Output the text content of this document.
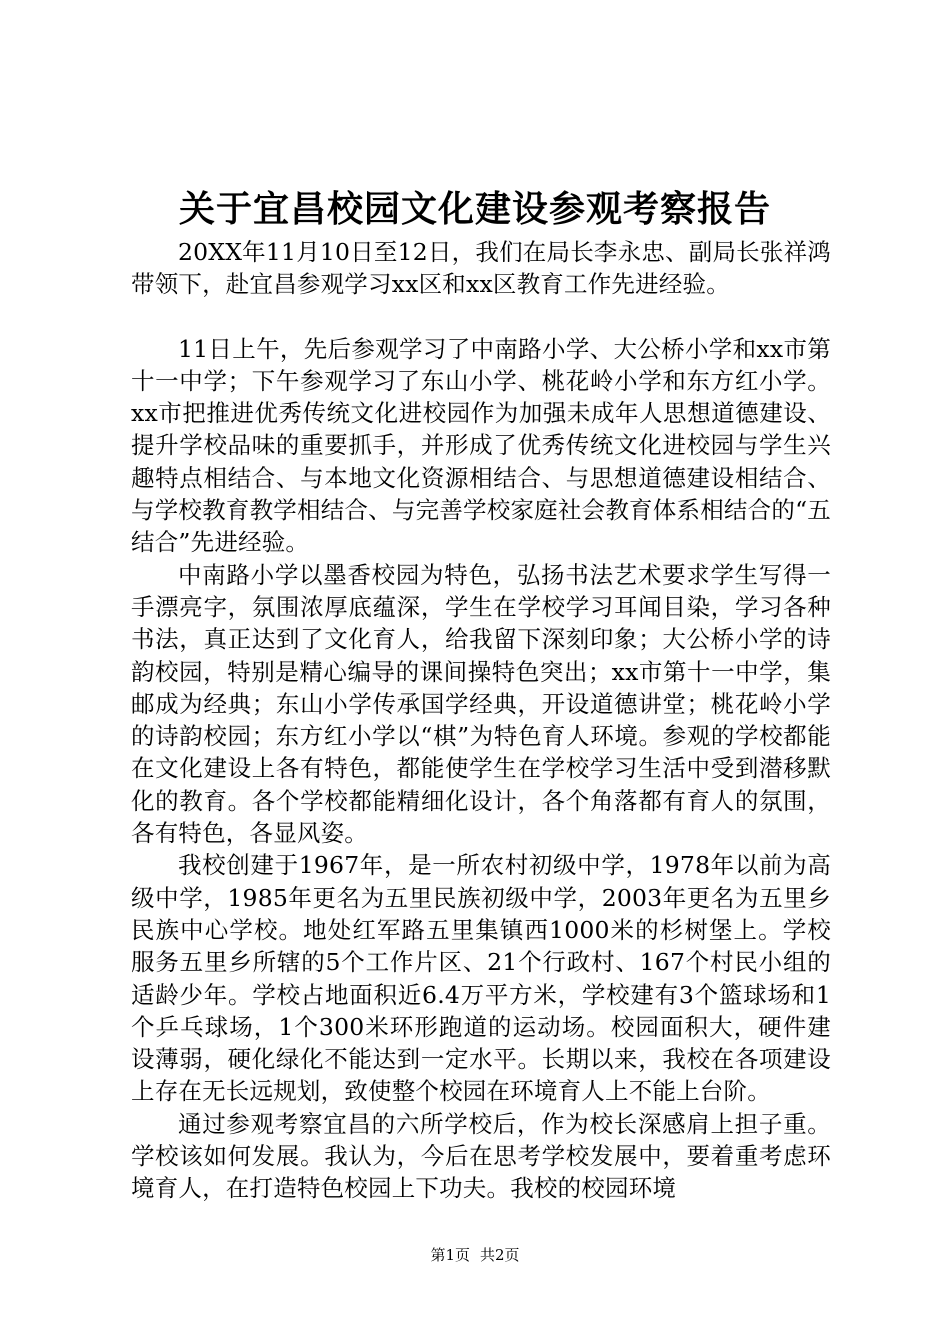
关于宜昌校园文化建设参观考察报告

20XX年11月10日至12日，我们在局长李永忠、副局长张祥鸿带领下，赴宜昌参观学习xx区和xx区教育工作先进经验。

11日上午，先后参观学习了中南路小学、大公桥小学和xx市第十一中学；下午参观学习了东山小学、桃花岭小学和东方红小学。xx市把推进优秀传统文化进校园作为加强未成年人思想道德建设、提升学校品味的重要抓手，并形成了优秀传统文化进校园与学生兴趣特点相结合、与本地文化资源相结合、与思想道德建设相结合、与学校教育教学相结合、与完善学校家庭社会教育体系相结合的“五结合”先进经验。

中南路小学以墨香校园为特色，弘扬书法艺术要求学生写得一手漂亮字，氛围浓厚底蕴深，学生在学校学习耳闻目染，学习各种书法，真正达到了文化育人，给我留下深刻印象；大公桥小学的诗韵校园，特别是精心编导的课间操特色突出；xx市第十一中学，集邮成为经典；东山小学传承国学经典，开设道德讲堂；桃花岭小学的诗韵校园；东方红小学以“棋”为特色育人环境。参观的学校都能在文化建设上各有特色，都能使学生在学校学习生活中受到潜移默化的教育。各个学校都能精细化设计，各个角落都有育人的氛围，各有特色，各显风姿。

我校创建于1967年，是一所农村初级中学，1978年以前为高级中学，1985年更名为五里民族初级中学，2003年更名为五里乡民族中心学校。地处红军路五里集镇西1000米的杉树堡上。学校服务五里乡所辖的5个工作片区、21个行政村、167个村民小组的适龄少年。学校占地面积近6.4万平方米，学校建有3个篮球场和1个乒乓球场，1个300米环形跑道的运动场。校园面积大，硬件建设薄弱，硬化绿化不能达到一定水平。长期以来，我校在各项建设上存在无长远规划，致使整个校园在环境育人上不能上台阶。

通过参观考察宜昌的六所学校后，作为校长深感肩上担子重。学校该如何发展。我认为，今后在思考学校发展中，要着重考虑环境育人，在打造特色校园上下功夫。我校的校园环境

第1页 共2页
